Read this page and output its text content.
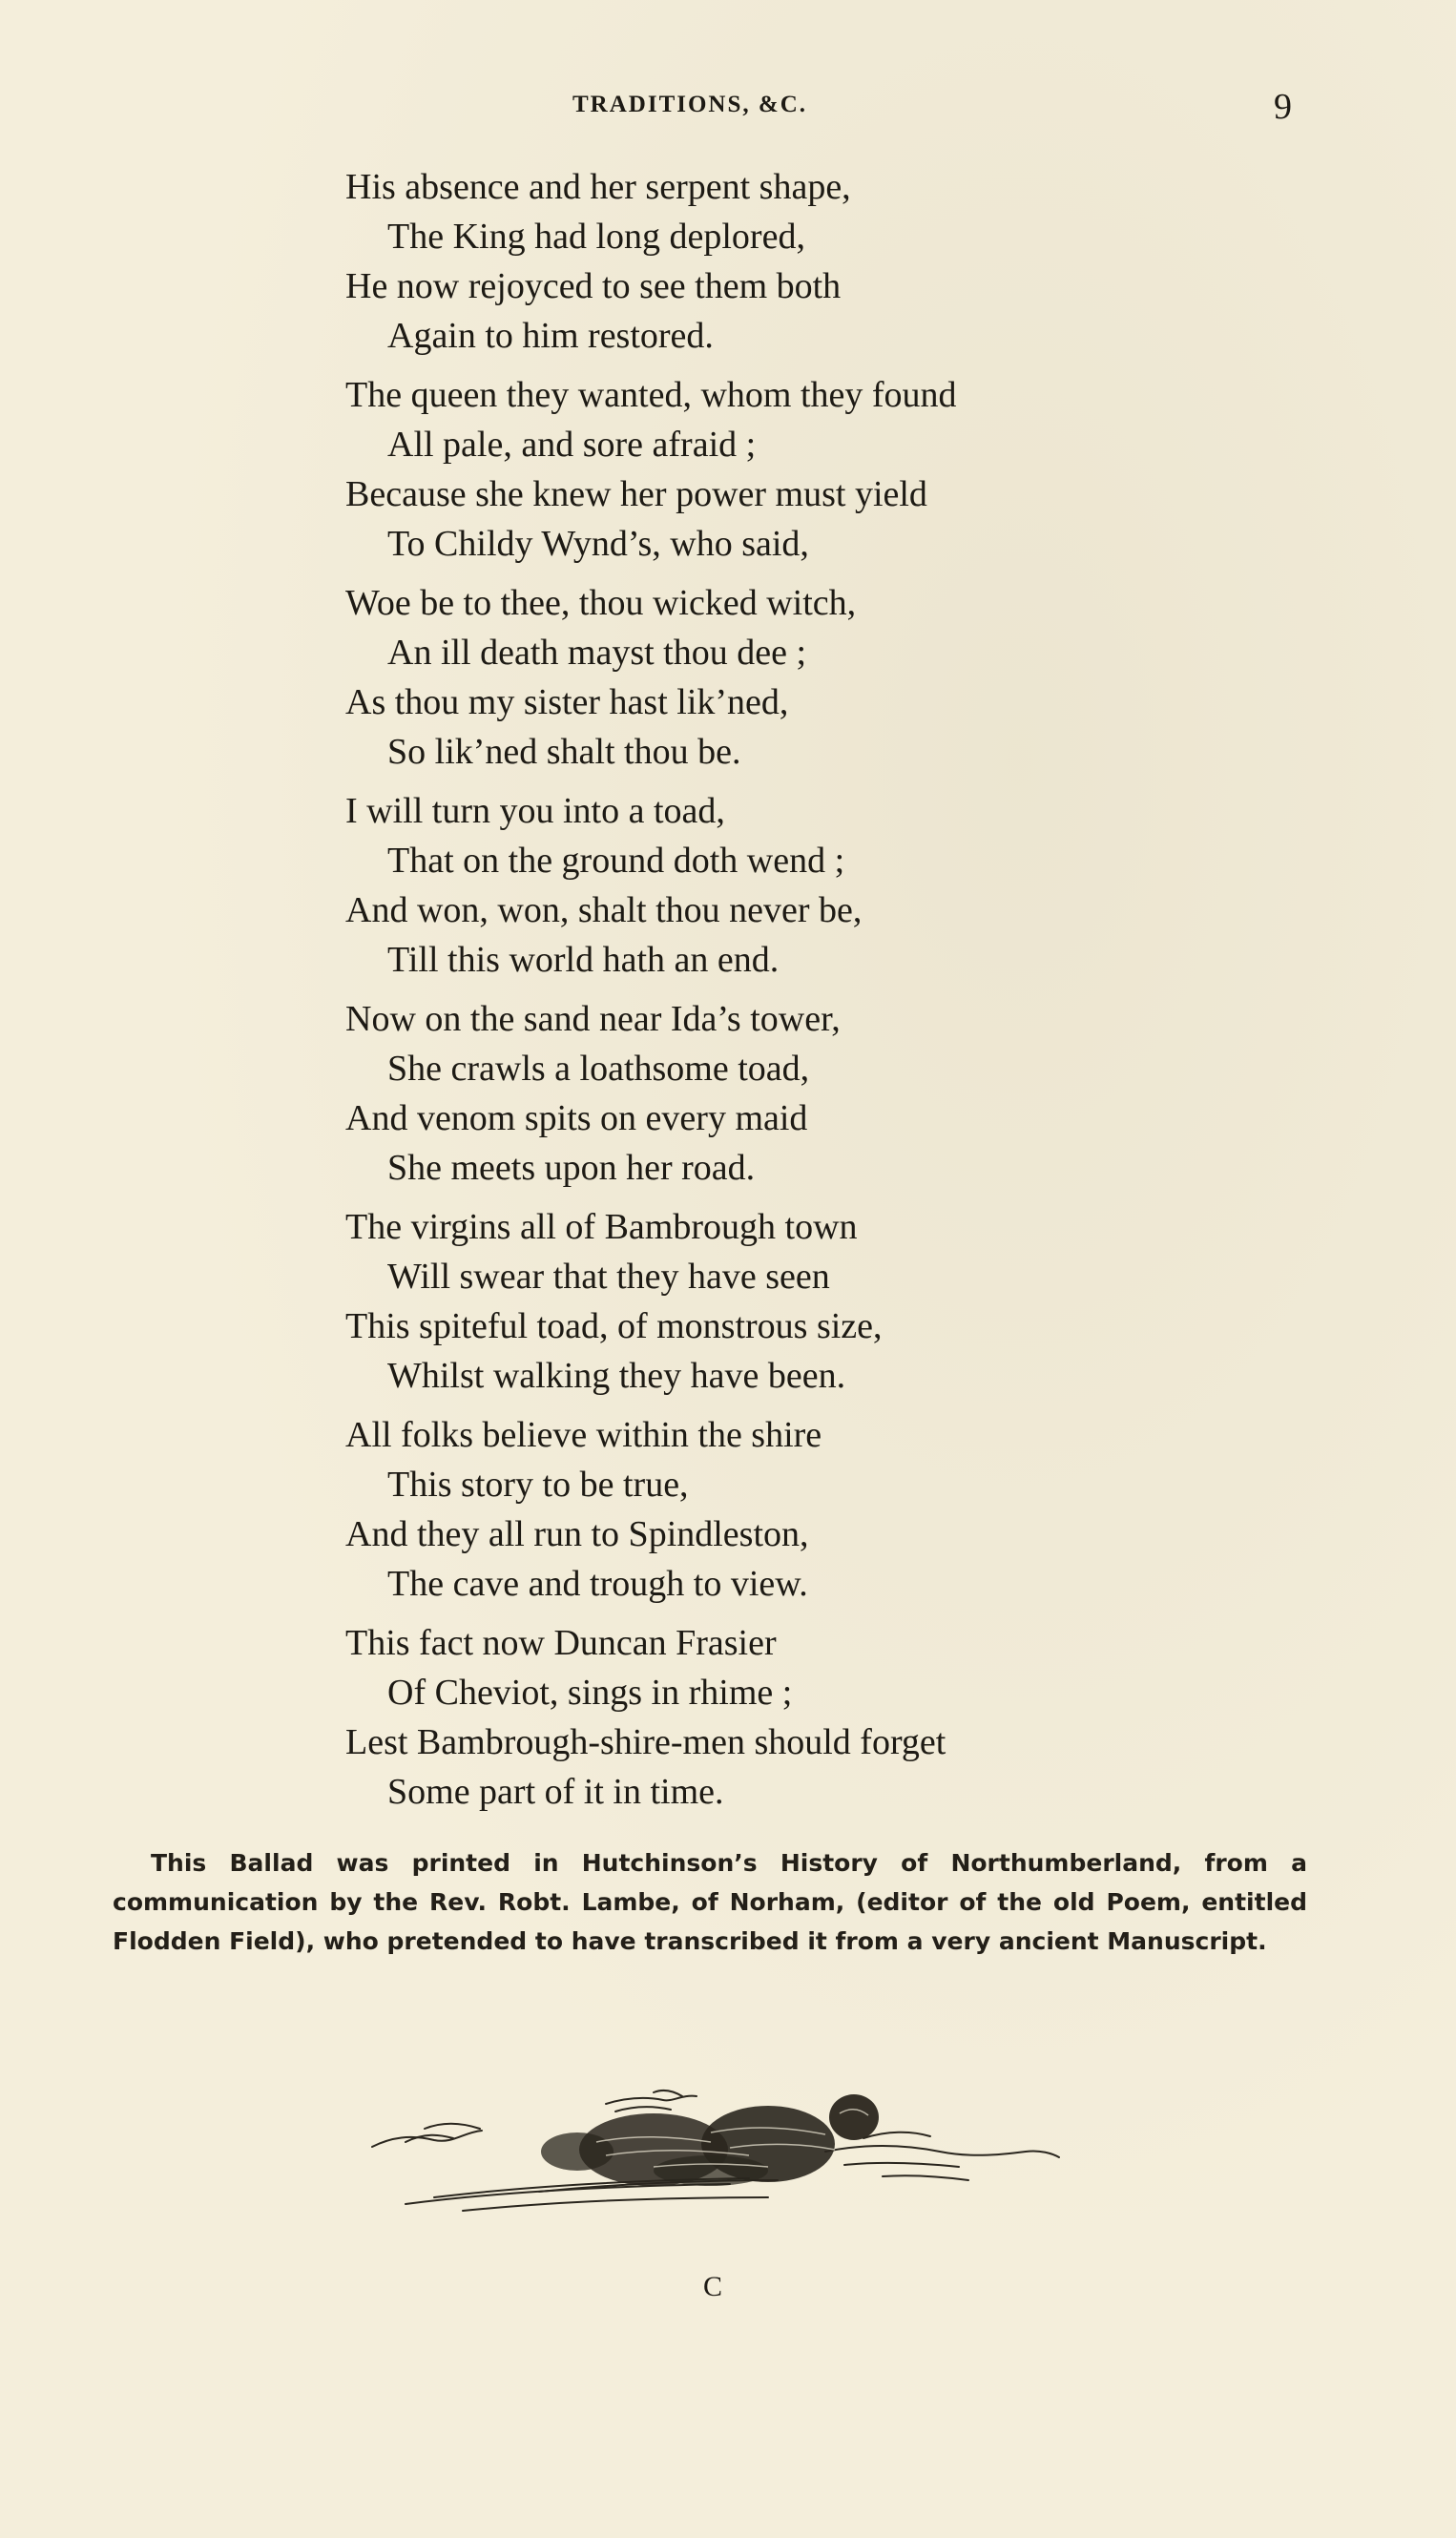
TRADITIONS, &C.	9
His absence and her serpent shape,
The King had long deplored,
He now rejoyced to see them both
Again to him restored.
The queen they wanted, whom they found
All pale, and sore afraid ;
Because she knew her power must yield
To Childy Wynd’s, who said,
Woe be to thee, thou wicked witch,
An ill death mayst thou dee ;
As thou my sister hast lik’ned,
So lik’ned shalt thou be.
I will turn you into a toad,
That on the ground doth wend ;
And won, won, shalt thou never be,
Till this world hath an end.
Now on the sand near Ida’s tower,
She crawls a loathsome toad,
And venom spits on every maid
She meets upon her road.
The virgins all of Bambrough town
Will swear that they have seen
This spiteful toad, of monstrous size,
Whilst walking they have been.
All folks believe within the shire
This story to be true,
And they all run to Spindleston,
The cave and trough to view.
This fact now Duncan Frasier
Of Cheviot, sings in rhime ;
Lest Bambrough-shire-men should forget
Some part of it in time.
This Ballad was printed in Hutchinson’s History of Northumberland, from a communication by the Rev. Robt. Lambe, of Norham, (editor of the old Poem, entitled Flodden Field), who pretended to have transcribed it from a very ancient Manuscript.
C
